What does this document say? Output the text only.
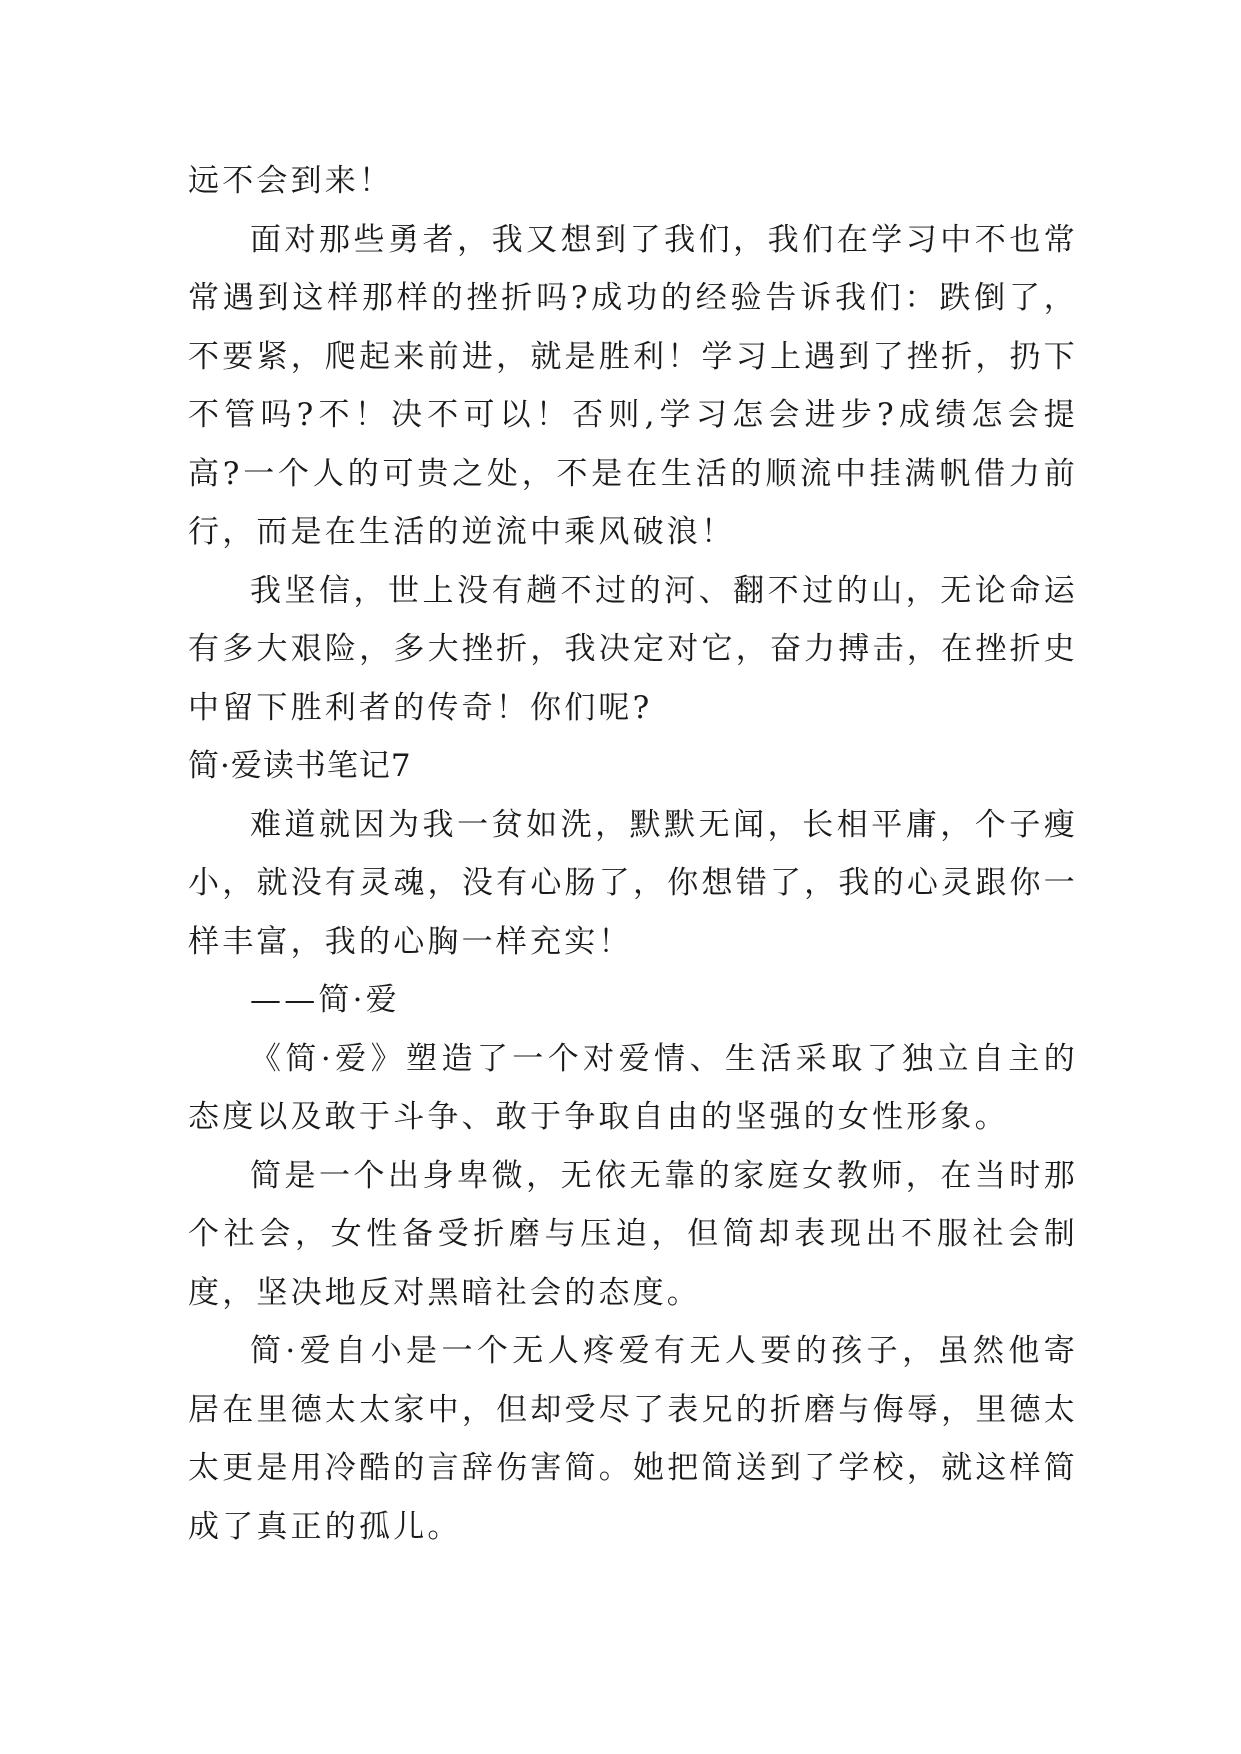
远不会到来！

面对那些勇者，我又想到了我们，我们在学习中不也常常遇到这样那样的挫折吗?成功的经验告诉我们：跌倒了，不要紧，爬起来前进，就是胜利！学习上遇到了挫折，扔下不管吗?不！决不可以！否则,学习怎会进步?成绩怎会提高?一个人的可贵之处，不是在生活的顺流中挂满帆借力前行，而是在生活的逆流中乘风破浪！

我坚信，世上没有趟不过的河、翻不过的山，无论命运有多大艰险，多大挫折，我决定对它，奋力搏击，在挫折史中留下胜利者的传奇！你们呢?

简·爱读书笔记7

难道就因为我一贫如洗，默默无闻，长相平庸，个子瘦小，就没有灵魂，没有心肠了，你想错了，我的心灵跟你一样丰富，我的心胸一样充实！

——简·爱

《简·爱》塑造了一个对爱情、生活采取了独立自主的态度以及敢于斗争、敢于争取自由的坚强的女性形象。

简是一个出身卑微，无依无靠的家庭女教师，在当时那个社会，女性备受折磨与压迫，但简却表现出不服社会制度，坚决地反对黑暗社会的态度。

简·爱自小是一个无人疼爱有无人要的孩子，虽然他寄居在里德太太家中，但却受尽了表兄的折磨与侮辱，里德太太更是用冷酷的言辞伤害简。她把简送到了学校，就这样简成了真正的孤儿。
